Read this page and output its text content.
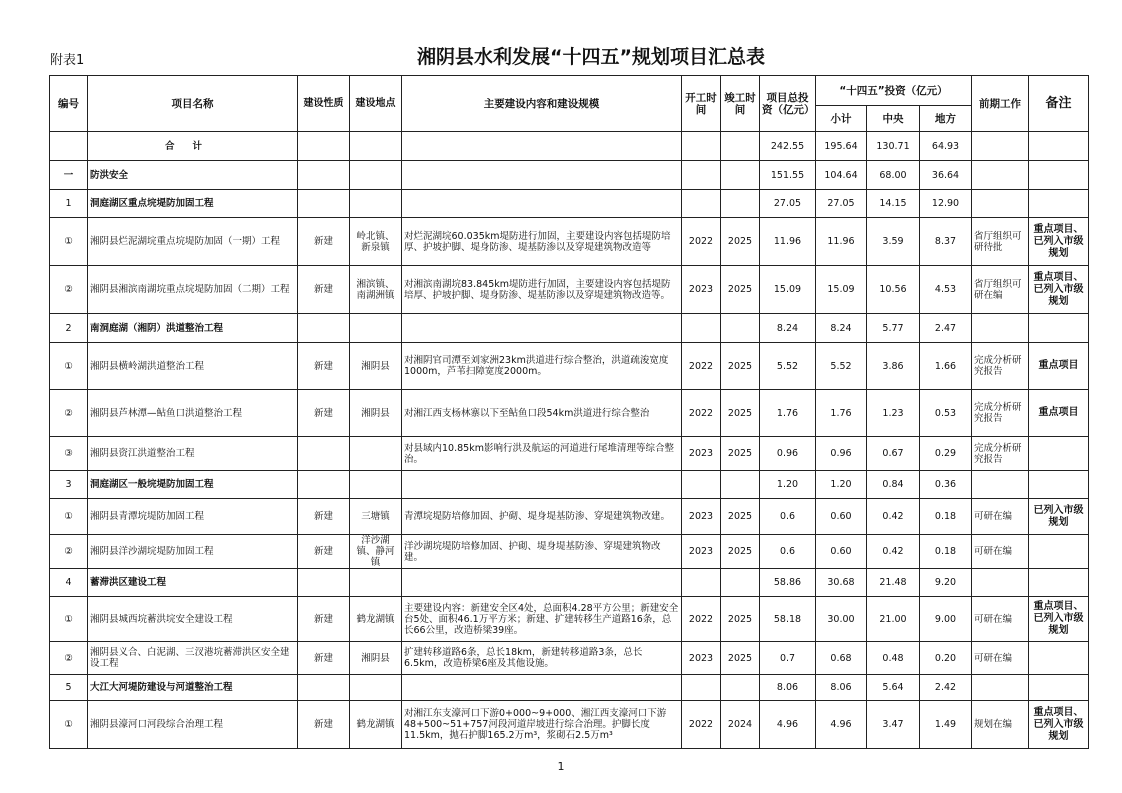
附表1	湘阴县水利发展“十四五”规划项目汇总表
编号	项目名称	建设性质	建设地点	主要建设内容和建设规模	开工时间	竣工时间	项目总投资（亿元）	“十四五”投资（亿元）			前期工作	备注
								小计	中央	地方		
	合计						242.55	195.64	130.71	64.93		
一	防洪安全						151.55	104.64	68.00	36.64		
1	洞庭湖区重点垸堤防加固工程						27.05	27.05	14.15	12.90		
①	湘阴县烂泥湖垸重点垸堤防加固（一期）工程	新建	岭北镇、新泉镇	对烂泥湖垸60.035km堤防进行加固，主要建设内容包括堤防培厚、护坡护脚、堤身防渗、堤基防渗以及穿堤建筑物改造等	2022	2025	11.96	11.96	3.59	8.37	省厅组织可研待批	重点项目、已列入市级规划
②	湘阴县湘滨南湖垸重点垸堤防加固（二期）工程	新建	湘滨镇、南湖洲镇	对湘滨南湖垸83.845km堤防进行加固，主要建设内容包括堤防培厚、护坡护脚、堤身防渗、堤基防渗以及穿堤建筑物改造等。	2023	2025	15.09	15.09	10.56	4.53	省厅组织可研在编	重点项目、已列入市级规划
2	南洞庭湖（湘阴）洪道整治工程						8.24	8.24	5.77	2.47		
①	湘阴县横岭湖洪道整治工程	新建	湘阴县	对湘阴官司潭至刘家洲23km洪道进行综合整治，洪道疏浚宽度1000m，芦苇扫障宽度2000m。	2022	2025	5.52	5.52	3.86	1.66	完成分析研究报告	重点项目
②	湘阴县芦林潭—鲇鱼口洪道整治工程	新建	湘阴县	对湘江西支杨林寨以下至鲇鱼口段54km洪道进行综合整治	2022	2025	1.76	1.76	1.23	0.53	完成分析研究报告	重点项目
③	湘阴县资江洪道整治工程			对县域内10.85km影响行洪及航运的河道进行尾堆清理等综合整治。	2023	2025	0.96	0.96	0.67	0.29	完成分析研究报告	
3	洞庭湖区一般垸堤防加固工程						1.20	1.20	0.84	0.36		
①	湘阴县青潭垸堤防加固工程	新建	三塘镇	青潭垸堤防培修加固、护砌、堤身堤基防渗、穿堤建筑物改建。	2023	2025	0.6	0.60	0.42	0.18	可研在编	已列入市级规划
②	湘阴县洋沙湖垸堤防加固工程	新建	洋沙湖镇、静河镇	洋沙湖垸堤防培修加固、护砌、堤身堤基防渗、穿堤建筑物改建。	2023	2025	0.6	0.60	0.42	0.18	可研在编	
4	蓄滞洪区建设工程						58.86	30.68	21.48	9.20		
①	湘阴县城西垸蓄洪垸安全建设工程	新建	鹤龙湖镇	主要建设内容：新建安全区4处，总面积4.28平方公里；新建安全台5处、面积46.1万平方米；新建、扩建转移生产道路16条，总长66公里，改造桥梁39座。	2022	2025	58.18	30.00	21.00	9.00	可研在编	重点项目、已列入市级规划
②	湘阴县义合、白泥湖、三汊港垸蓄滞洪区安全建设工程	新建	湘阴县	扩建转移道路6条，总长18km，新建转移道路3条，总长6.5km，改造桥梁6座及其他设施。	2023	2025	0.7	0.68	0.48	0.20	可研在编	
5	大江大河堤防建设与河道整治工程						8.06	8.06	5.64	2.42		
①	湘阴县濠河口河段综合治理工程	新建	鹤龙湖镇	对湘江东支濠河口下游0+000~9+000、湘江西支濠河口下游48+500~51+757河段河道岸坡进行综合治理。护脚长度11.5km，抛石护脚165.2万m³，浆砌石2.5万m³	2022	2024	4.96	4.96	3.47	1.49	规划在编	重点项目、已列入市级规划
1
